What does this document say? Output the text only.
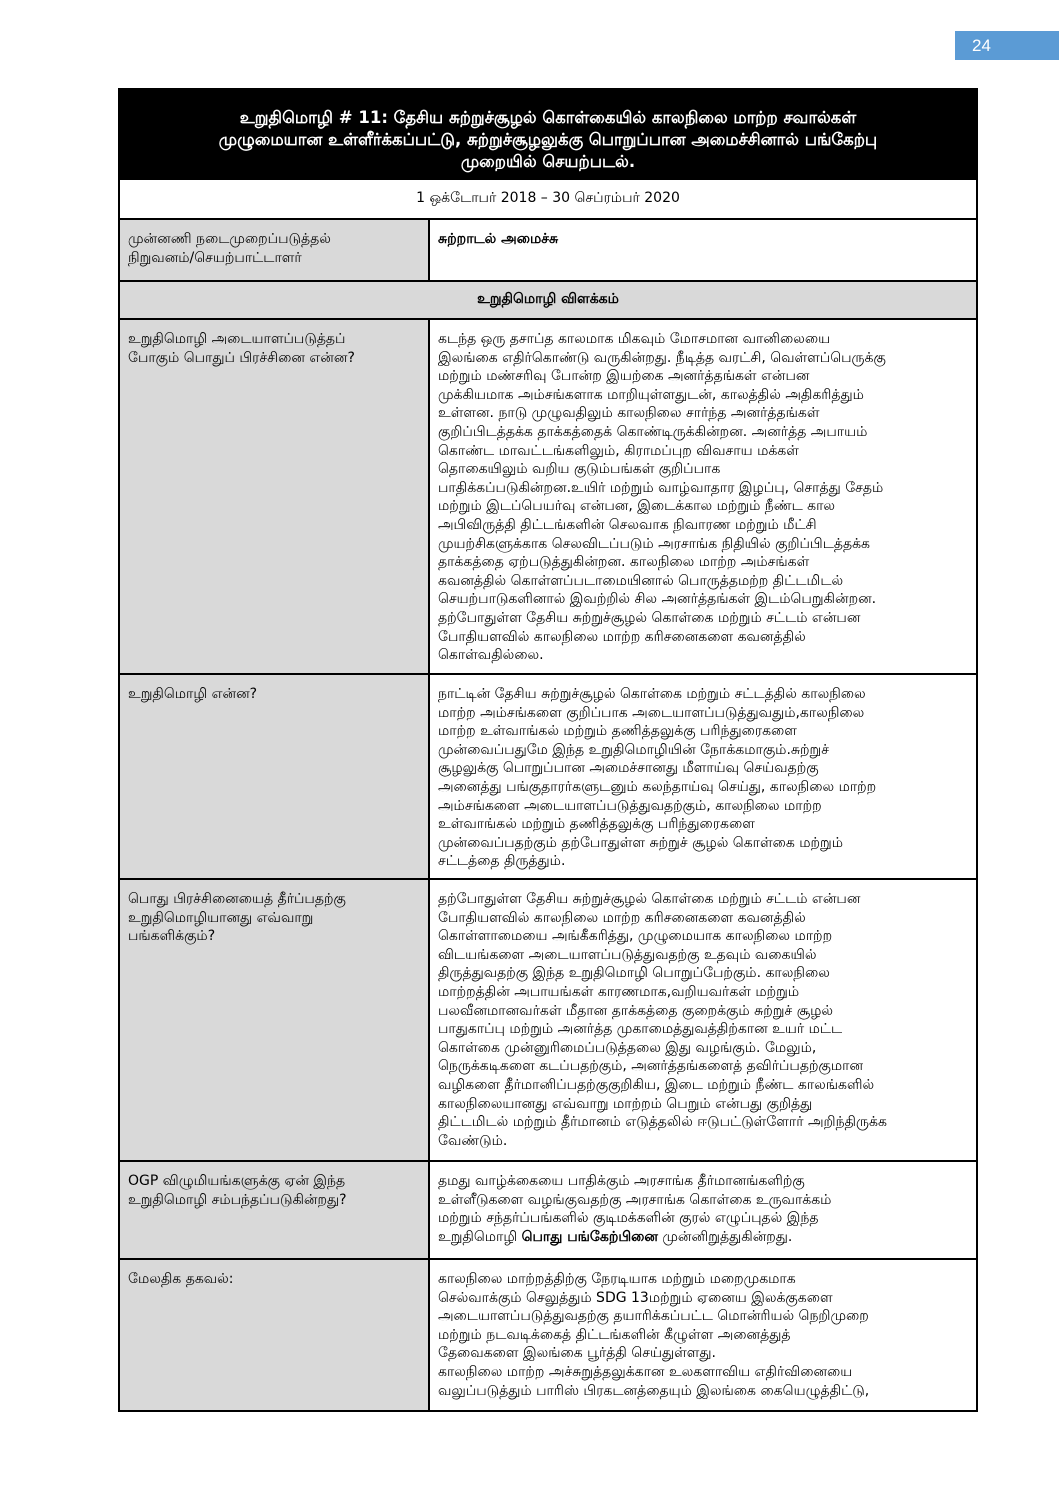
24
உறுதிமொழி # 11: தேசிய சுற்றுச்சூழல் கொள்கையில் காலநிலை மாற்ற சவால்கள்
முழுமையான உள்ளீர்க்கப்பட்டு, சுற்றுச்சூழலுக்கு பொறுப்பான அமைச்சினால் பங்கேற்பு
முறையில் செயற்படல்.
1 ஒக்டோபர் 2018 – 30 செப்ரம்பர் 2020
முன்னணி நடைமுறைப்படுத்தல்
நிறுவனம்/செயற்பாட்டாளர்
சுற்றாடல் அமைச்சு
உறுதிமொழி விளக்கம்
உறுதிமொழி அடையாளப்படுத்தப்
போகும் பொதுப் பிரச்சினை என்ன?
கடந்த ஒரு தசாப்த காலமாக மிகவும் மோசமான வானிலையை
இலங்கை எதிர்கொண்டு வருகின்றது. நீடித்த வரட்சி, வெள்ளப்பெருக்கு
மற்றும் மண்சரிவு போன்ற இயற்கை அனர்த்தங்கள் என்பன
முக்கியமாக அம்சங்களாக மாறியுள்ளதுடன், காலத்தில் அதிகரித்தும்
உள்ளன. நாடு முழுவதிலும் காலநிலை சார்ந்த அனர்த்தங்கள்
குறிப்பிடத்தக்க தாக்கத்தைக் கொண்டிருக்கின்றன. அனர்த்த அபாயம்
கொண்ட மாவட்டங்களிலும், கிராமப்புற விவசாய மக்கள்
தொகையிலும் வறிய குடும்பங்கள் குறிப்பாக
பாதிக்கப்படுகின்றன.உயிர் மற்றும் வாழ்வாதார இழப்பு, சொத்து சேதம்
மற்றும் இடப்பெயர்வு என்பன, இடைக்கால மற்றும் நீண்ட கால
அபிவிருத்தி திட்டங்களின் செலவாக நிவாரண மற்றும் மீட்சி
முயற்சிகளுக்காக செலவிடப்படும் அரசாங்க நிதியில் குறிப்பிடத்தக்க
தாக்கத்தை ஏற்படுத்துகின்றன. காலநிலை மாற்ற அம்சங்கள்
கவனத்தில் கொள்ளப்படாமையினால் பொருத்தமற்ற திட்டமிடல்
செயற்பாடுகளினால் இவற்றில் சில அனர்த்தங்கள் இடம்பெறுகின்றன.
தற்போதுள்ள தேசிய சுற்றுச்சூழல் கொள்கை மற்றும் சட்டம் என்பன
போதியளவில் காலநிலை மாற்ற கரிசனைகளை கவனத்தில்
கொள்வதில்லை.
உறுதிமொழி என்ன?	நாட்டின் தேசிய சுற்றுச்சூழல் கொள்கை மற்றும் சட்டத்தில் காலநிலை
மாற்ற அம்சங்களை குறிப்பாக அடையாளப்படுத்துவதும்,காலநிலை
மாற்ற உள்வாங்கல் மற்றும் தணித்தலுக்கு பரிந்துரைகளை
முன்வைப்பதுமே இந்த உறுதிமொழியின் நோக்கமாகும்.சுற்றுச்
சூழலுக்கு பொறுப்பான அமைச்சானது மீளாய்வு செய்வதற்கு
அனைத்து பங்குதாரர்களுடனும் கலந்தாய்வு செய்து, காலநிலை மாற்ற
அம்சங்களை அடையாளப்படுத்துவதற்கும், காலநிலை மாற்ற
உள்வாங்கல் மற்றும் தணித்தலுக்கு பரிந்துரைகளை
முன்வைப்பதற்கும் தற்போதுள்ள சுற்றுச் சூழல் கொள்கை மற்றும்
சட்டத்தை திருத்தும்.
பொது பிரச்சினையைத் தீர்ப்பதற்கு
உறுதிமொழியானது எவ்வாறு
பங்களிக்கும்?
தற்போதுள்ள தேசிய சுற்றுச்சூழல் கொள்கை மற்றும் சட்டம் என்பன
போதியளவில் காலநிலை மாற்ற கரிசனைகளை கவனத்தில்
கொள்ளாமையை அங்கீகரித்து, முழுமையாக காலநிலை மாற்ற
விடயங்களை அடையாளப்படுத்துவதற்கு உதவும் வகையில்
திருத்துவதற்கு இந்த உறுதிமொழி பொறுப்பேற்கும். காலநிலை
மாற்றத்தின் அபாயங்கள் காரணமாக,வறியவர்கள் மற்றும்
பலவீனமானவர்கள் மீதான தாக்கத்தை குறைக்கும் சுற்றுச் சூழல்
பாதுகாப்பு மற்றும் அனர்த்த முகாமைத்துவத்திற்கான உயர் மட்ட
கொள்கை முன்னுரிமைப்படுத்தலை இது வழங்கும். மேலும்,
நெருக்கடிகளை கடப்பதற்கும், அனர்த்தங்களைத் தவிர்ப்பதற்குமான
வழிகளை தீர்மானிப்பதற்குகுறிகிய, இடை மற்றும் நீண்ட காலங்களில்
காலநிலையானது எவ்வாறு மாற்றம் பெறும் என்பது குறித்து
திட்டமிடல் மற்றும் தீர்மானம் எடுத்தலில் ஈடுபட்டுள்ளோர் அறிந்திருக்க
வேண்டும்.
OGP விழுமியங்களுக்கு ஏன் இந்த
உறுதிமொழி சம்பந்தப்படுகின்றது?
தமது வாழ்க்கையை பாதிக்கும் அரசாங்க தீர்மானங்களிற்கு
உள்ளீடுகளை வழங்குவதற்கு அரசாங்க கொள்கை உருவாக்கம்
மற்றும் சந்தர்ப்பங்களில் குடிமக்களின் குரல் எழுப்புதல் இந்த
உறுதிமொழி பொது பங்கேற்பினை முன்னிறுத்துகின்றது.
மேலதிக தகவல்:	காலநிலை மாற்றத்திற்கு நேரடியாக மற்றும் மறைமுகமாக
செல்வாக்கும் செலுத்தும் SDG 13மற்றும் ஏனைய இலக்குகளை
அடையாளப்படுத்துவதற்கு தயாரிக்கப்பட்ட மொன்ரியல் நெறிமுறை
மற்றும் நடவடிக்கைத் திட்டங்களின் கீழுள்ள அனைத்துத்
தேவைகளை இலங்கை பூர்த்தி செய்துள்ளது.
காலநிலை மாற்ற அச்சுறுத்தலுக்கான உலகளாவிய எதிர்வினையை
வலுப்படுத்தும் பாரிஸ் பிரகடனத்தையும் இலங்கை கையெழுத்திட்டு,
